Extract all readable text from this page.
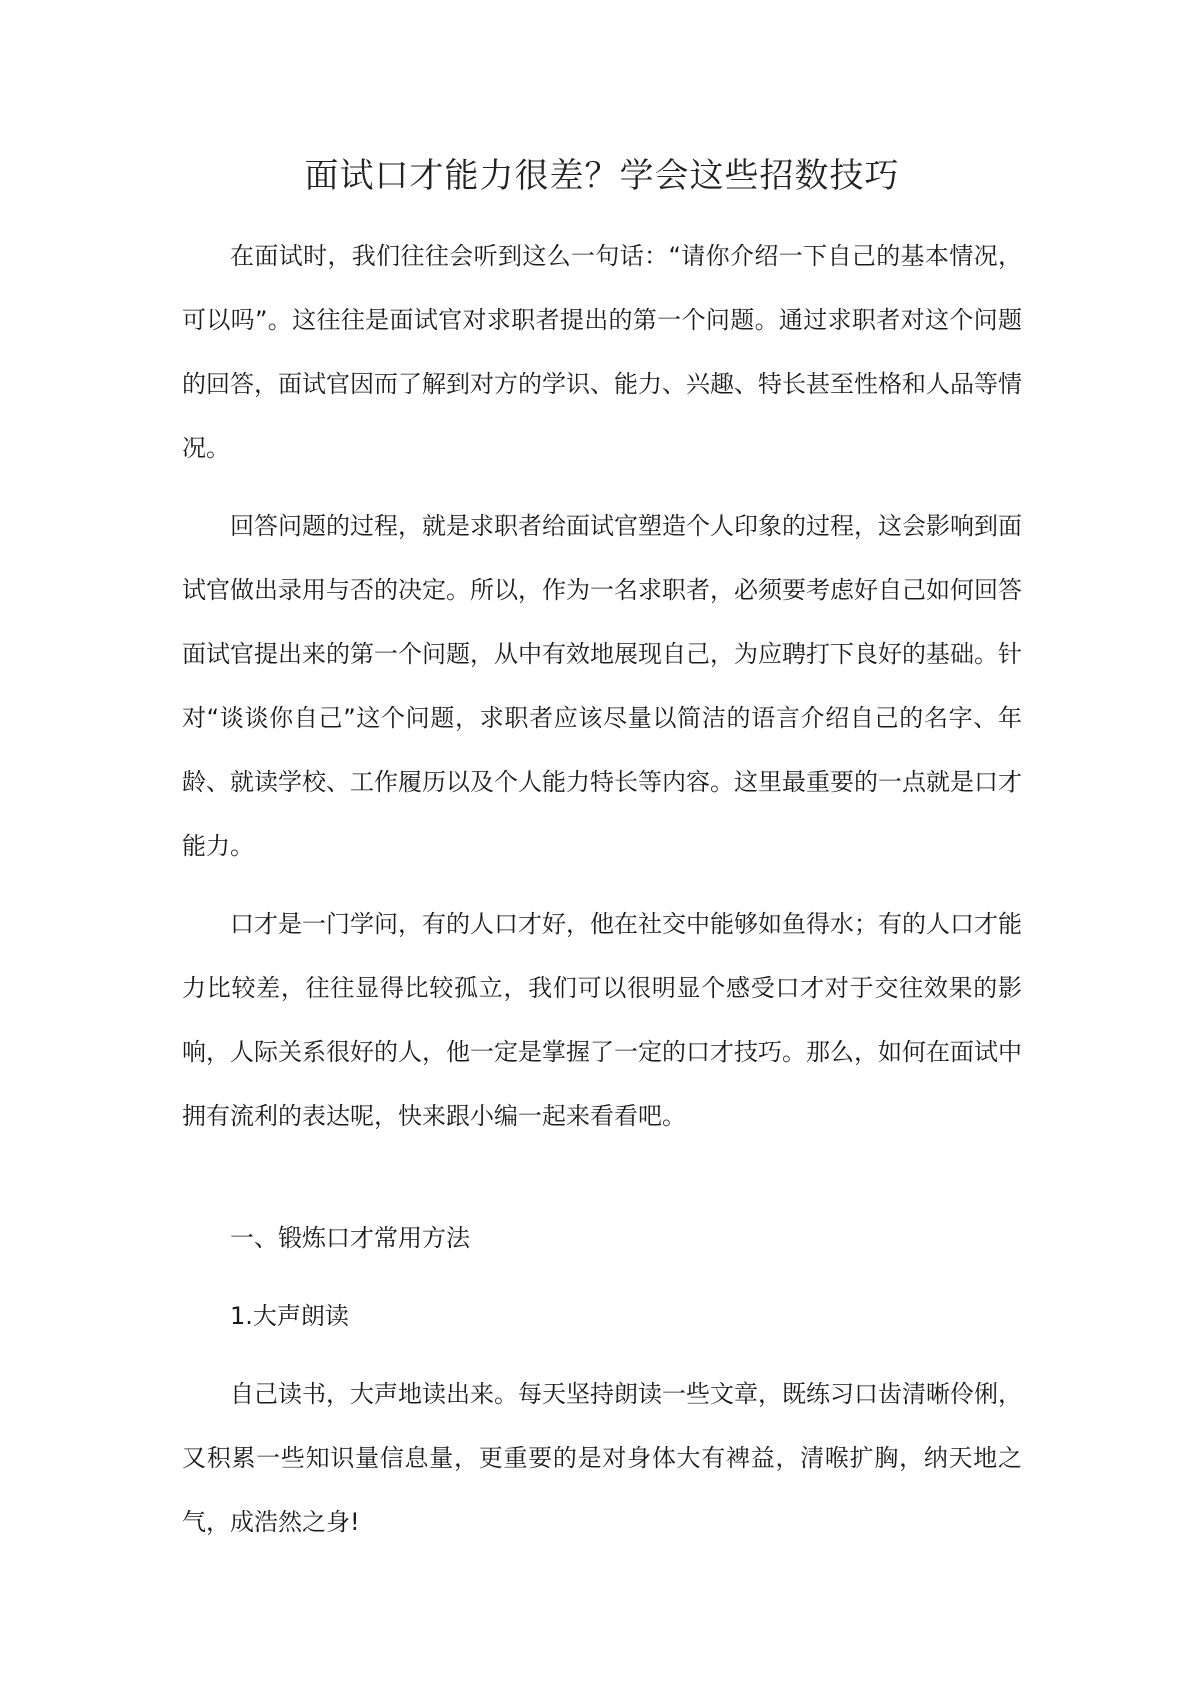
面试口才能力很差？学会这些招数技巧

在面试时，我们往往会听到这么一句话：“请你介绍一下自己的基本情况，可以吗”。这往往是面试官对求职者提出的第一个问题。通过求职者对这个问题的回答，面试官因而了解到对方的学识、能力、兴趣、特长甚至性格和人品等情况。

回答问题的过程，就是求职者给面试官塑造个人印象的过程，这会影响到面试官做出录用与否的决定。所以，作为一名求职者，必须要考虑好自己如何回答面试官提出来的第一个问题，从中有效地展现自己，为应聘打下良好的基础。针对“谈谈你自己”这个问题，求职者应该尽量以简洁的语言介绍自己的名字、年龄、就读学校、工作履历以及个人能力特长等内容。这里最重要的一点就是口才能力。

口才是一门学问，有的人口才好，他在社交中能够如鱼得水；有的人口才能力比较差，往往显得比较孤立，我们可以很明显个感受口才对于交往效果的影响，人际关系很好的人，他一定是掌握了一定的口才技巧。那么，如何在面试中拥有流利的表达呢，快来跟小编一起来看看吧。

一、锻炼口才常用方法

1.大声朗读

自己读书，大声地读出来。每天坚持朗读一些文章，既练习口齿清晰伶俐，又积累一些知识量信息量，更重要的是对身体大有裨益，清喉扩胸，纳天地之气，成浩然之身!
